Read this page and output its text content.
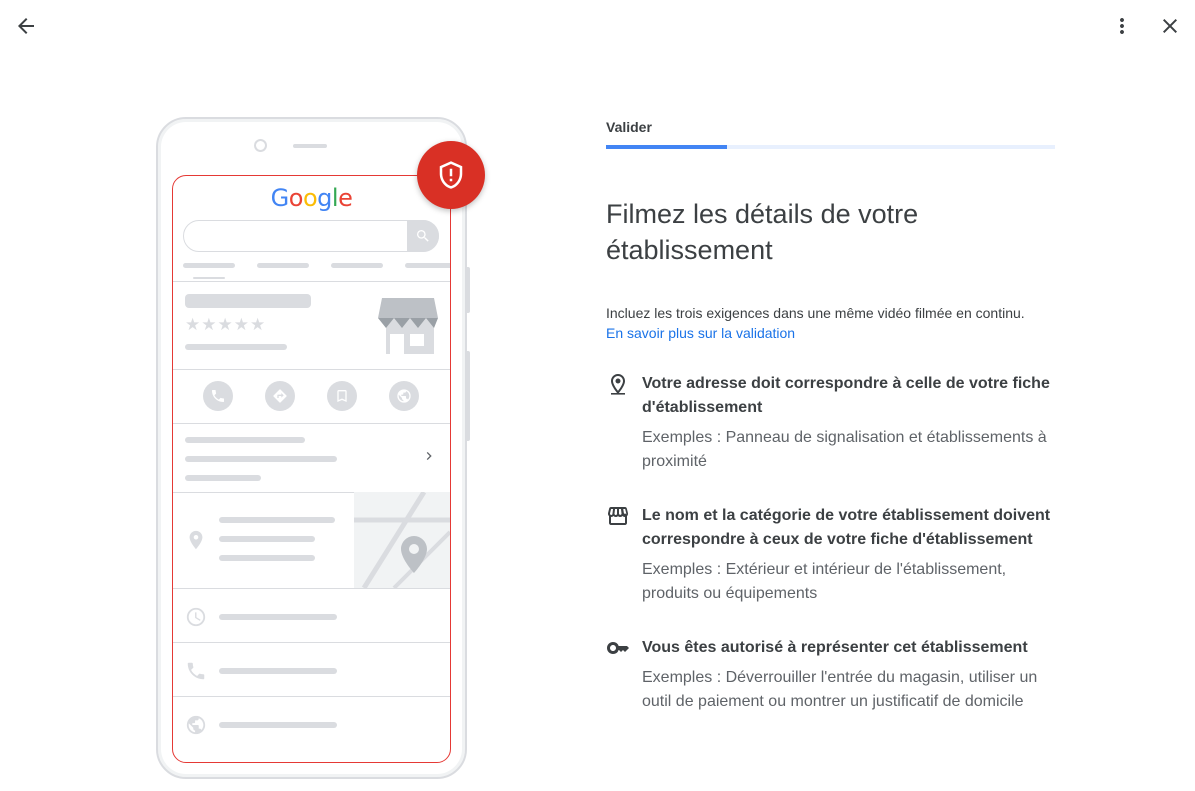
Google
★★★★★
Valider
Filmez les détails de votre établissement
Incluez les trois exigences dans une même vidéo filmée en continu.
En savoir plus sur la validation
Votre adresse doit correspondre à celle de votre fiche d'établissement
Exemples : Panneau de signalisation et établissements à proximité
Le nom et la catégorie de votre établissement doivent correspondre à ceux de votre fiche d'établissement
Exemples : Extérieur et intérieur de l'établissement, produits ou équipements
Vous êtes autorisé à représenter cet établissement
Exemples : Déverrouiller l'entrée du magasin, utiliser un outil de paiement ou montrer un justificatif de domicile
